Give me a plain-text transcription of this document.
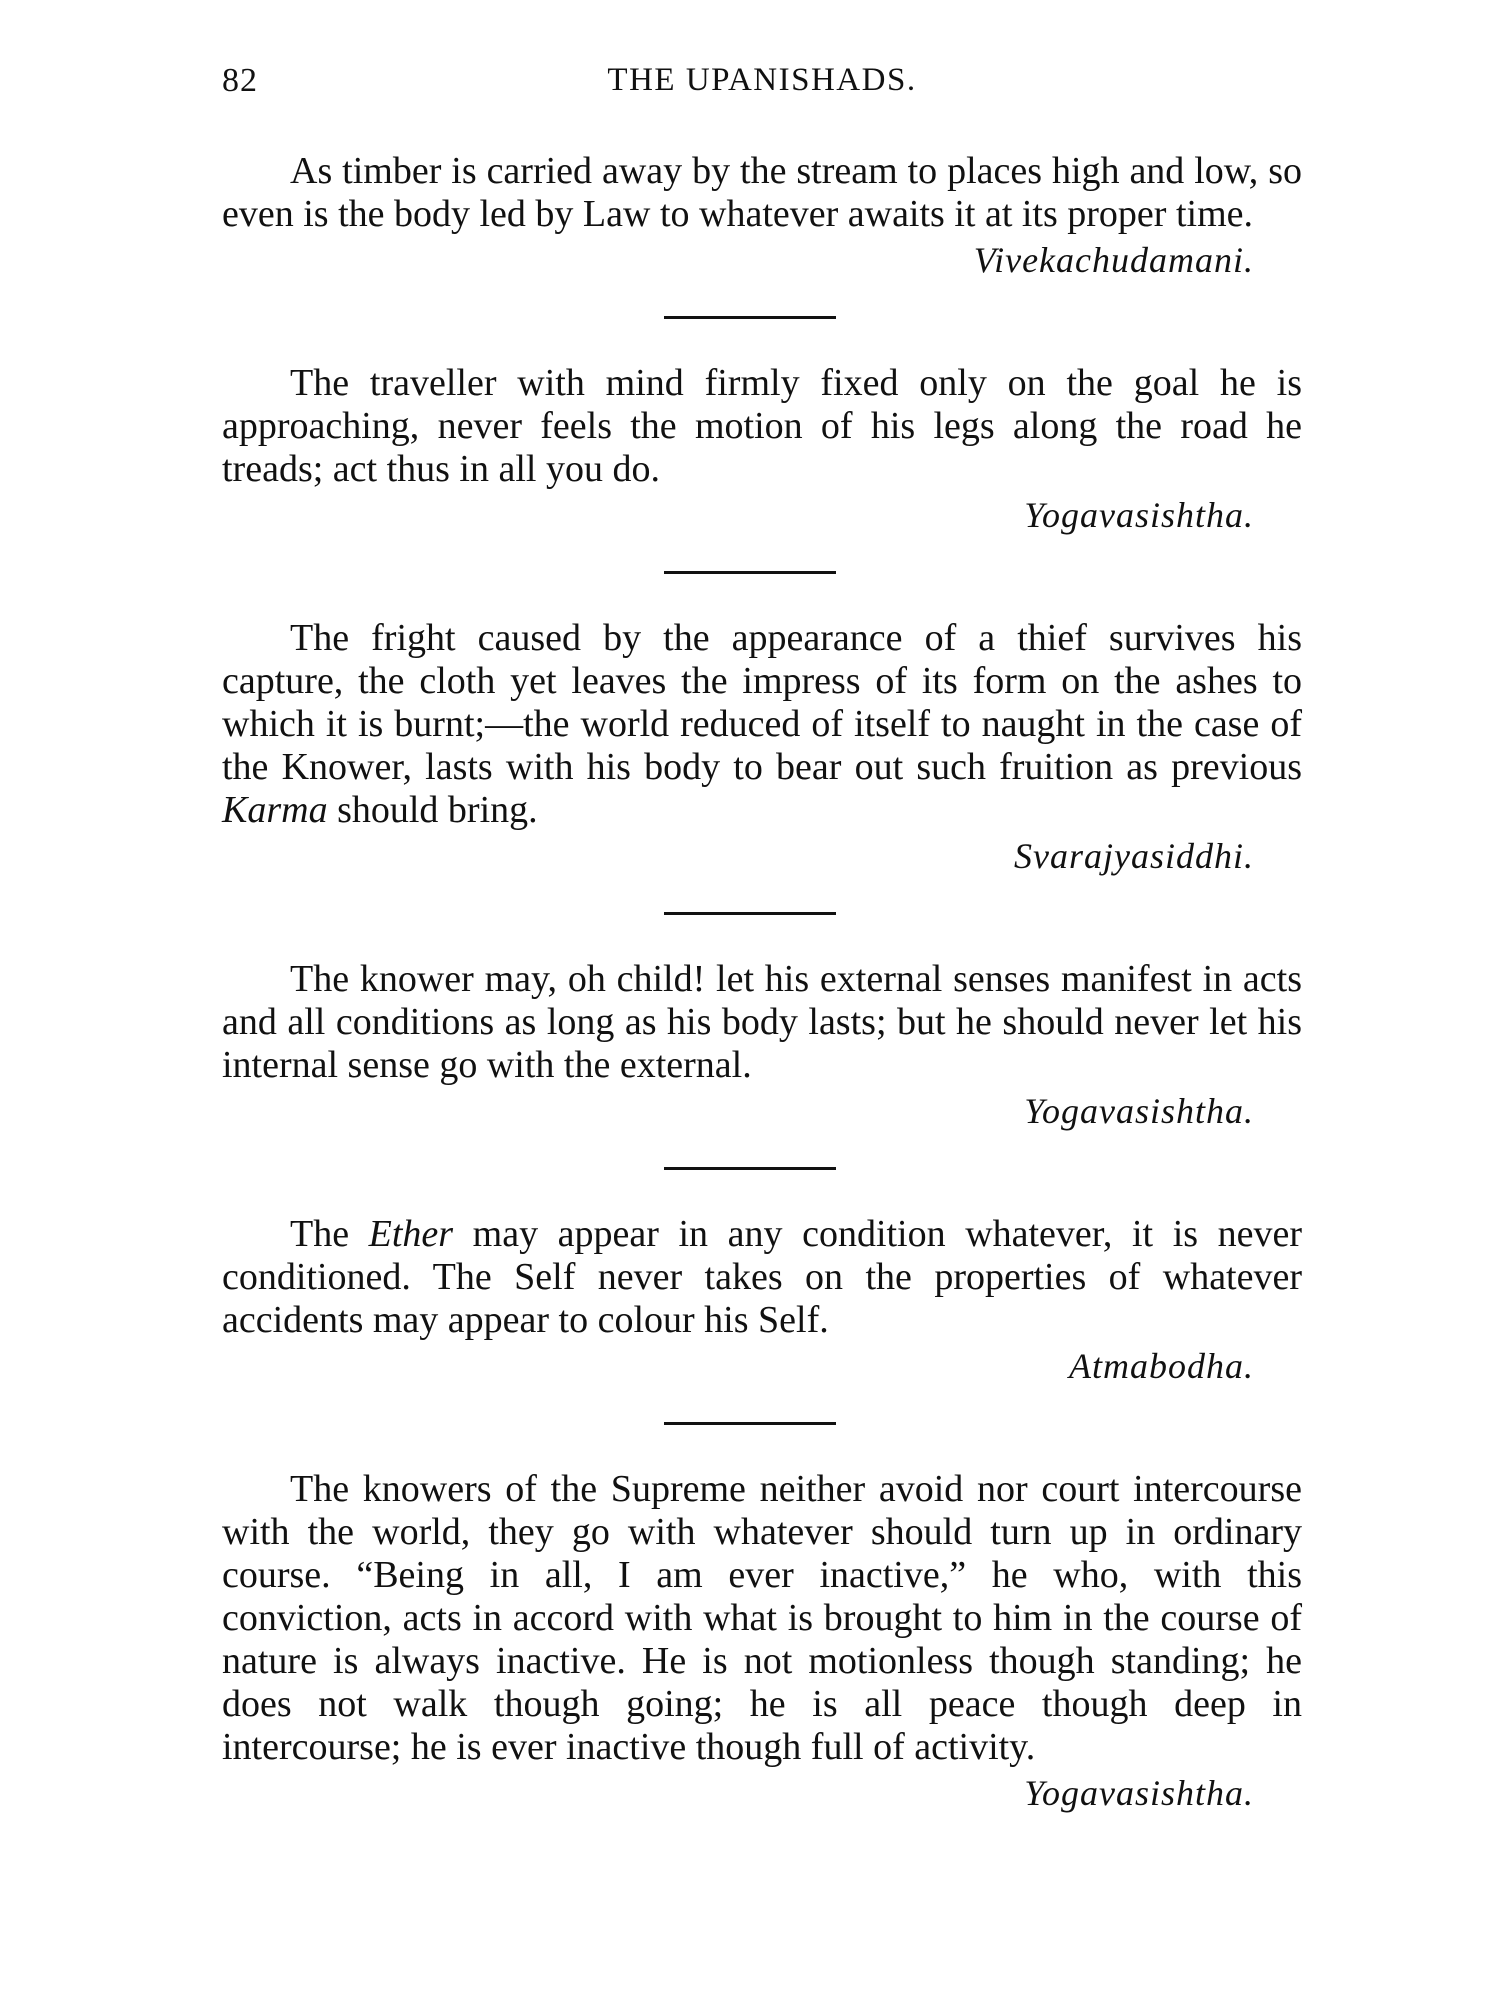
82	THE UPANISHADS.

As timber is carried away by the stream to places high and low, so even is the body led by Law to whatever awaits it at its proper time.

Vivekachudamani.

The traveller with mind firmly fixed only on the goal he is approaching, never feels the motion of his legs along the road he treads; act thus in all you do.

Yogavasishtha.

The fright caused by the appearance of a thief survives his capture, the cloth yet leaves the impress of its form on the ashes to which it is burnt;—the world reduced of itself to naught in the case of the Knower, lasts with his body to bear out such fruition as previous Karma should bring.

Svarajyasiddhi.

The knower may, oh child! let his external senses manifest in acts and all conditions as long as his body lasts; but he should never let his internal sense go with the external.

Yogavasishtha.

The Ether may appear in any condition whatever, it is never conditioned. The Self never takes on the properties of whatever accidents may appear to colour his Self.

Atmabodha.

The knowers of the Supreme neither avoid nor court intercourse with the world, they go with whatever should turn up in ordinary course. “Being in all, I am ever inactive,” he who, with this conviction, acts in accord with what is brought to him in the course of nature is always inactive. He is not motionless though standing; he does not walk though going; he is all peace though deep in intercourse; he is ever inactive though full of activity.

Yogavasishtha.
